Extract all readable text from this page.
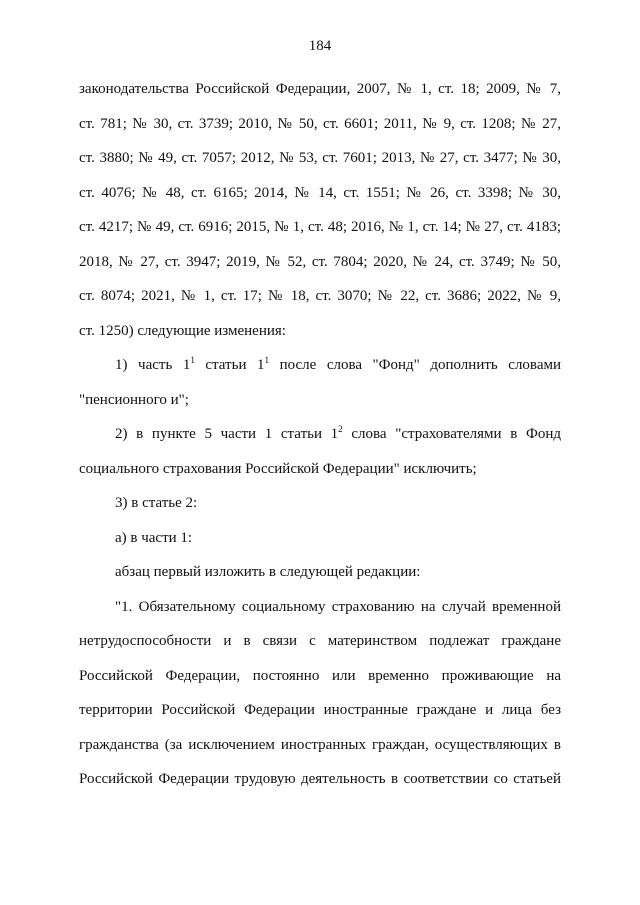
184
законодательства Российской Федерации, 2007, № 1, ст. 18; 2009, № 7,
ст. 781; № 30, ст. 3739; 2010, № 50, ст. 6601; 2011, № 9, ст. 1208; № 27,
ст. 3880; № 49, ст. 7057; 2012, № 53, ст. 7601; 2013, № 27, ст. 3477; № 30,
ст. 4076; № 48, ст. 6165; 2014, № 14, ст. 1551; № 26, ст. 3398; № 30,
ст. 4217; № 49, ст. 6916; 2015, № 1, ст. 48; 2016, № 1, ст. 14; № 27, ст. 4183;
2018, № 27, ст. 3947; 2019, № 52, ст. 7804; 2020, № 24, ст. 3749; № 50,
ст. 8074; 2021, № 1, ст. 17; № 18, ст. 3070; № 22, ст. 3686; 2022, № 9,
ст. 1250) следующие изменения:
1) часть $1^1$ статьи $1^1$ после слова "Фонд" дополнить словами
"пенсионного и";
2) в пункте 5 части 1 статьи $1^2$ слова "страхователями в Фонд
социального страхования Российской Федерации" исключить;
3) в статье 2:
а) в части 1:
абзац первый изложить в следующей редакции:
"1. Обязательному социальному страхованию на случай временной
нетрудоспособности и в связи с материнством подлежат граждане
Российской Федерации, постоянно или временно проживающие на
территории Российской Федерации иностранные граждане и лица без
гражданства (за исключением иностранных граждан, осуществляющих в
Российской Федерации трудовую деятельность в соответствии со статьей
